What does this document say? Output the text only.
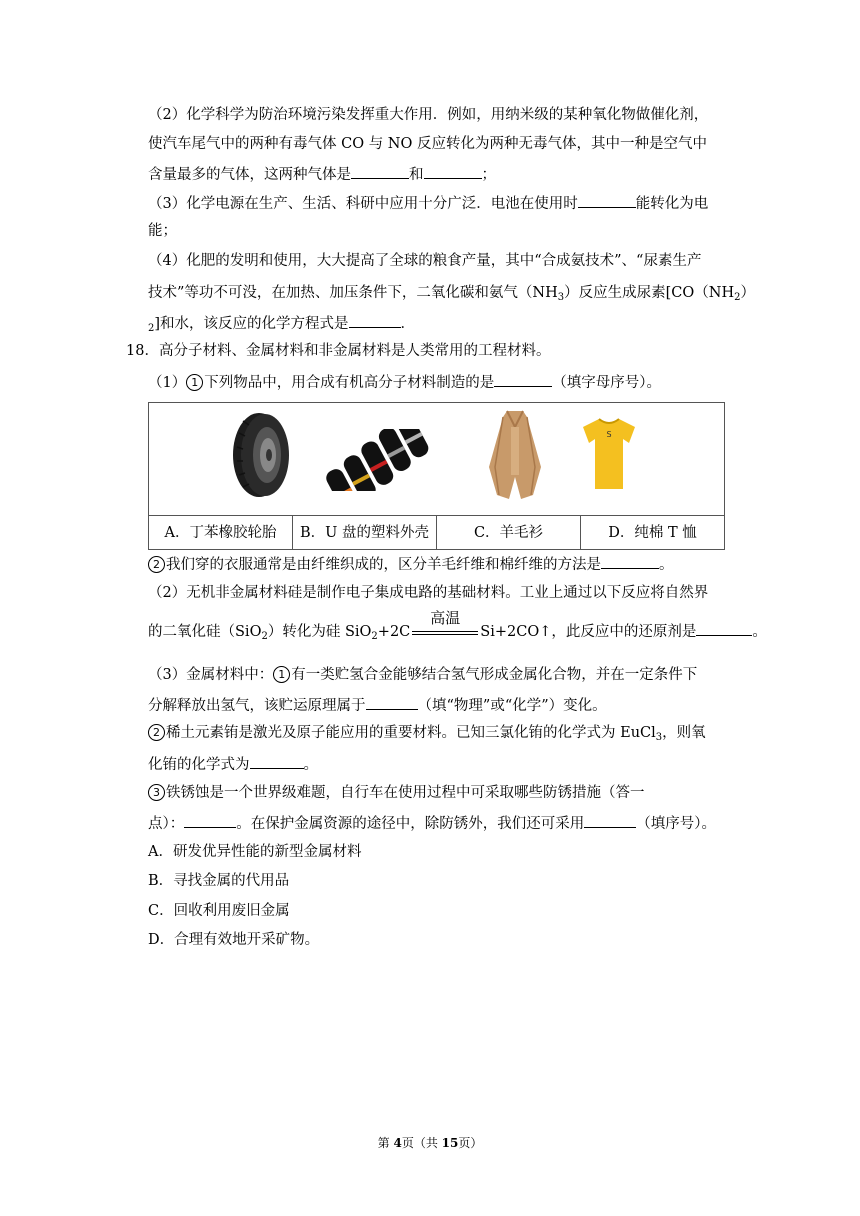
（2）化学科学为防治环境污染发挥重大作用．例如，用纳米级的某种氧化物做催化剂，
使汽车尾气中的两种有毒气体 CO 与 NO 反应转化为两种无毒气体，其中一种是空气中
含量最多的气体，这两种气体是	和	；
（3）化学电源在生产、生活、科研中应用十分广泛．电池在使用时	能转化为电
能；
（4）化肥的发明和使用，大大提高了全球的粮食产量，其中“合成氨技术”、“尿素生产
技术”等功不可没，在加热、加压条件下，二氧化碳和氨气$(NH_3)$反应生成尿素[$CO(NH_2)$
$_2$]和水，该反应的化学方程式是	．
18．高分子材料、金属材料和非金属材料是人类常用的工程材料。
（1） 1 下列物品中，用合成有机高分子材料制造的是	（填字母序号）。
S
A．丁苯橡胶轮胎	B．U 盘的塑料外壳	C．羊毛衫	D．纯棉 T 恤
2 我们穿的衣服通常是由纤维织成的，区分羊毛纤维和棉纤维的方法是	。
（2）无机非金属材料硅是制作电子集成电路的基础材料。工业上通过以下反应将自然界
的二氧化硅（SiO$_2$）转化为硅 SiO$_2$+2C
高温
Si+2CO↑，此反应中的还原剂是	。
（3）金属材料中： 1 有一类贮氢合金能够结合氢气形成金属化合物，并在一定条件下
分解释放出氢气，该贮运原理属于	（填“物理”或“化学”）变化。
2 稀土元素铕是激光及原子能应用的重要材料。已知三氯化铕的化学式为 EuCl$_3$，则氧
化铕的化学式为	。
3 铁锈蚀是一个世界级难题，自行车在使用过程中可采取哪些防锈措施（答一
点）：	。在保护金属资源的途径中，除防锈外，我们还可采用	（填序号）。
A．研发优异性能的新型金属材料
B．寻找金属的代用品
C．回收利用废旧金属
D．合理有效地开采矿物。
第 4页（共 15页）
